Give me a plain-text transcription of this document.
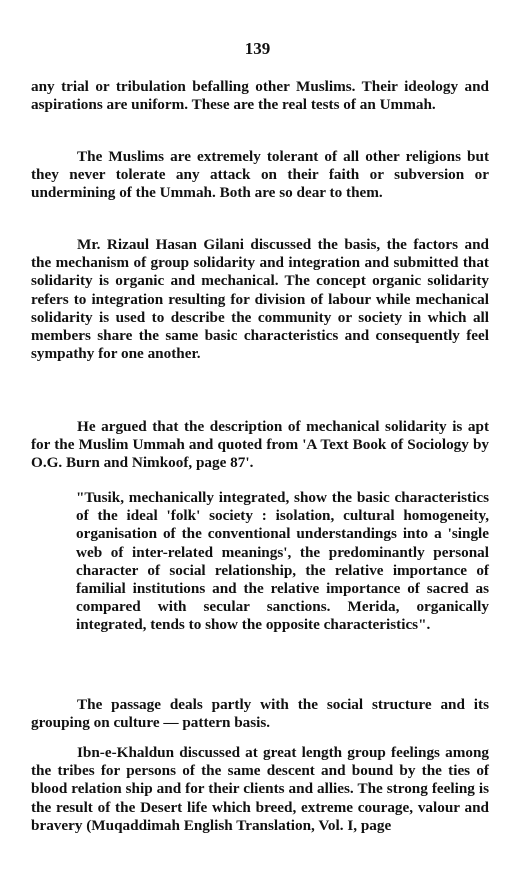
139

any trial or tribulation befalling other Muslims. Their ideology and aspirations are uniform. These are the real tests of an Ummah.

The Muslims are extremely tolerant of all other religions but they never tolerate any attack on their faith or subversion or undermining of the Ummah. Both are so dear to them.

Mr. Rizaul Hasan Gilani discussed the basis, the factors and the mechanism of group solidarity and integration and submitted that solidarity is organic and mechanical. The concept organic solidarity refers to integration resulting for division of labour while mechanical solidarity is used to describe the community or society in which all members share the same basic characteristics and consequently feel sympathy for one another.

He argued that the description of mechanical solidarity is apt for the Muslim Ummah and quoted from 'A Text Book of Sociology by O.G. Burn and Nimkoof, page 87'.

"Tusik, mechanically integrated, show the basic characteristics of the ideal 'folk' society : isolation, cultural homogeneity, organisation of the conventional understandings into a 'single web of inter-related meanings', the predominantly personal character of social relationship, the relative importance of familial institutions and the relative importance of sacred as compared with secular sanctions. Merida, organically integrated, tends to show the opposite characteristics".

The passage deals partly with the social structure and its grouping on culture — pattern basis.

Ibn-e-Khaldun discussed at great length group feelings among the tribes for persons of the same descent and bound by the ties of blood relation ship and for their clients and allies. The strong feeling is the result of the Desert life which breed, extreme courage, valour and bravery (Muqaddimah English Translation, Vol. I, page
